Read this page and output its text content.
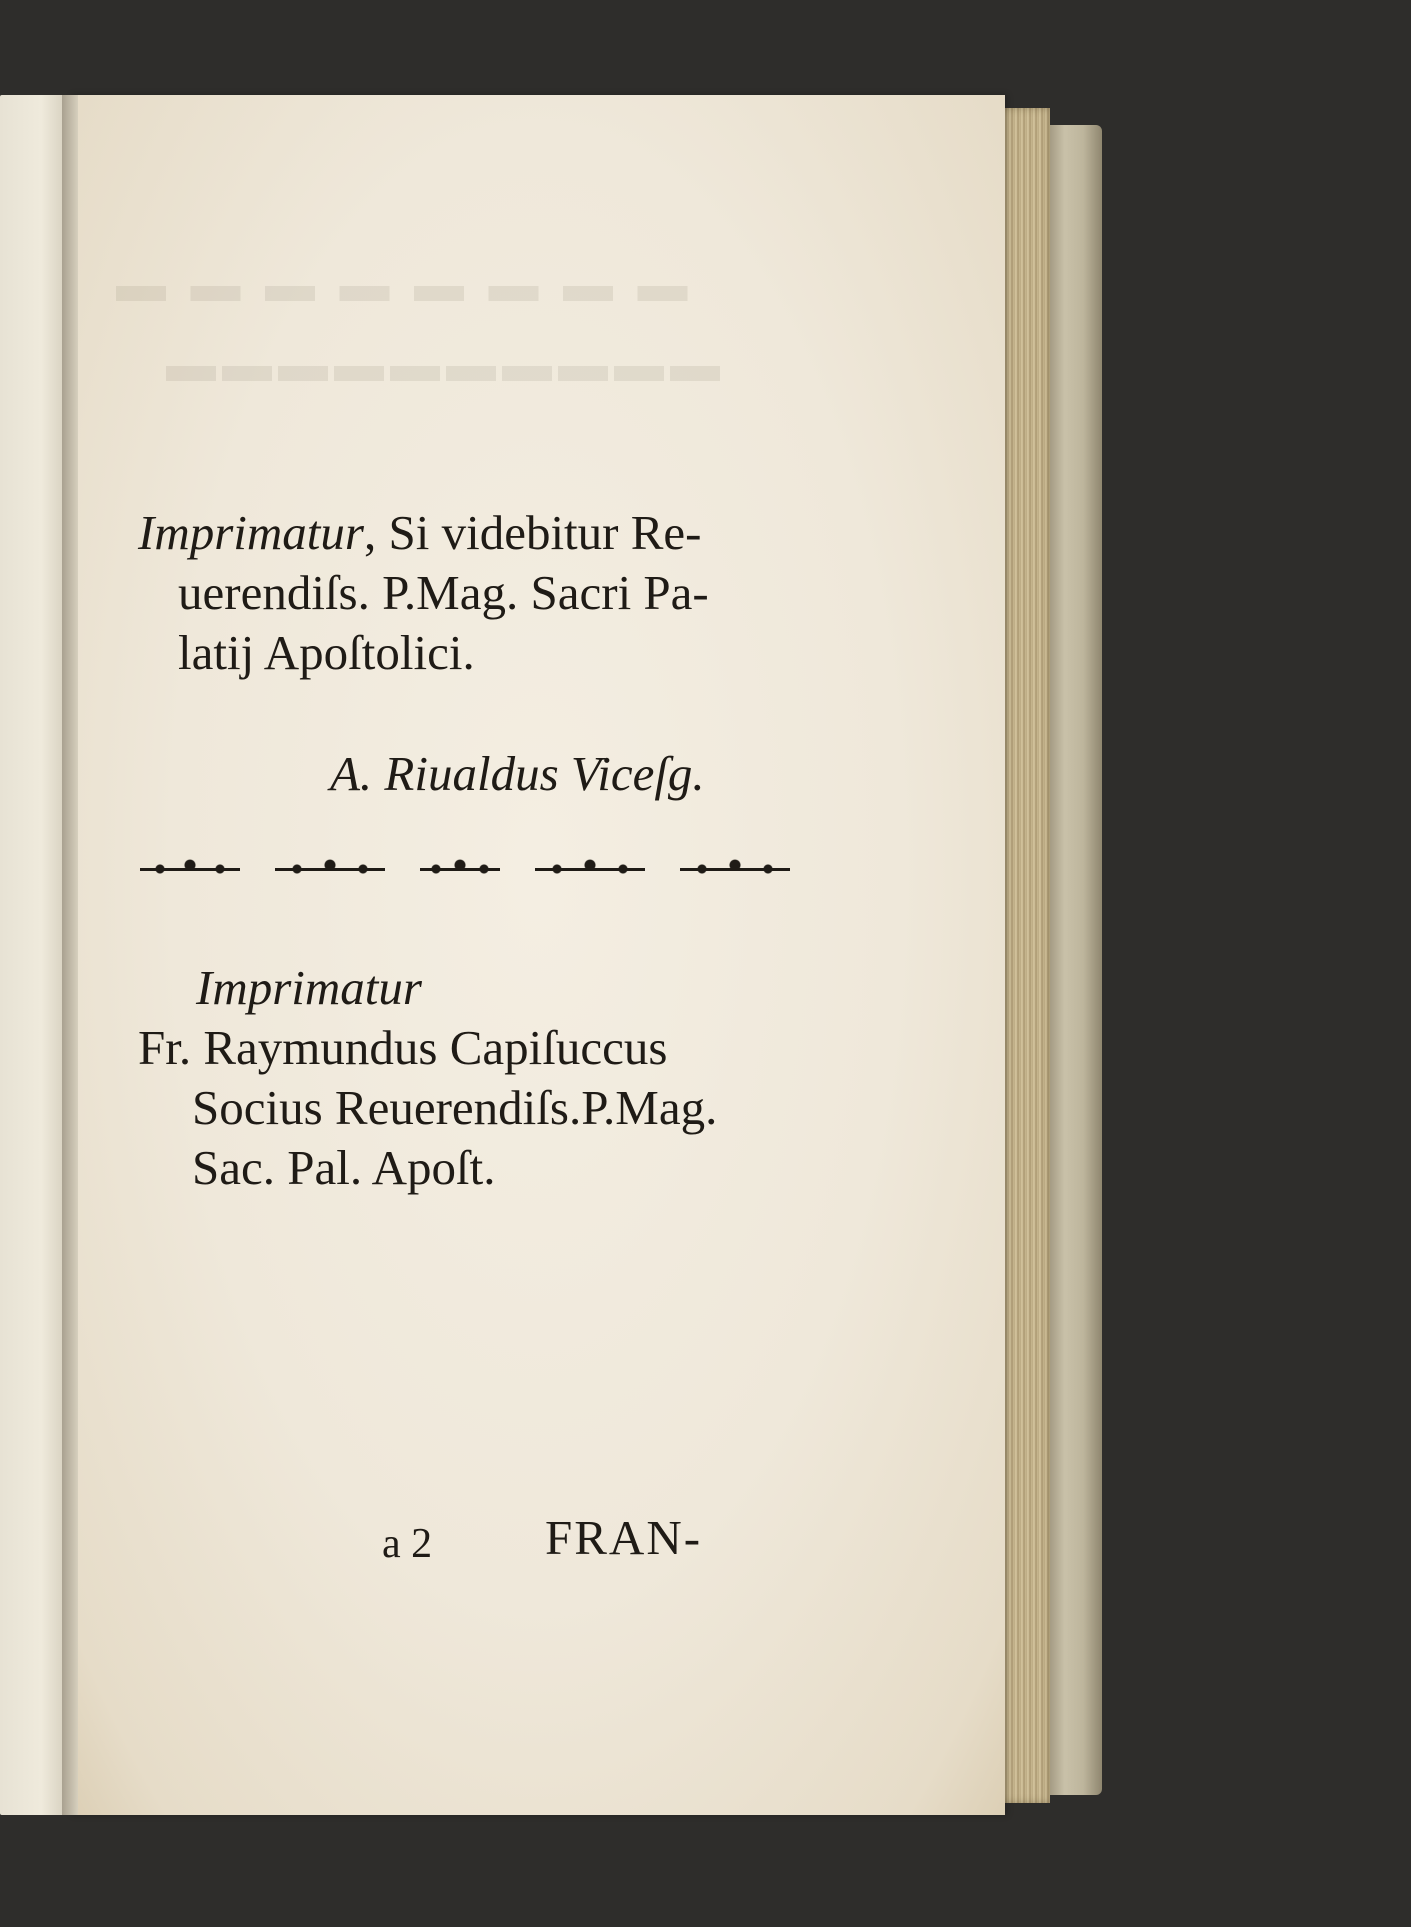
▬ ▬ ▬ ▬ ▬ ▬ ▬ ▬
▬▬▬▬▬▬▬▬▬▬
Imprimatur, Si videbitur Re-
uerendiſs. P.Mag. Sacri Pa-
latij Apoſtolici.
A. Riualdus Viceſg.
Imprimatur
Fr. Raymundus Capiſuccus
Socius Reuerendiſs.P.Mag.
Sac. Pal. Apoſt.
a 2 FRAN-
